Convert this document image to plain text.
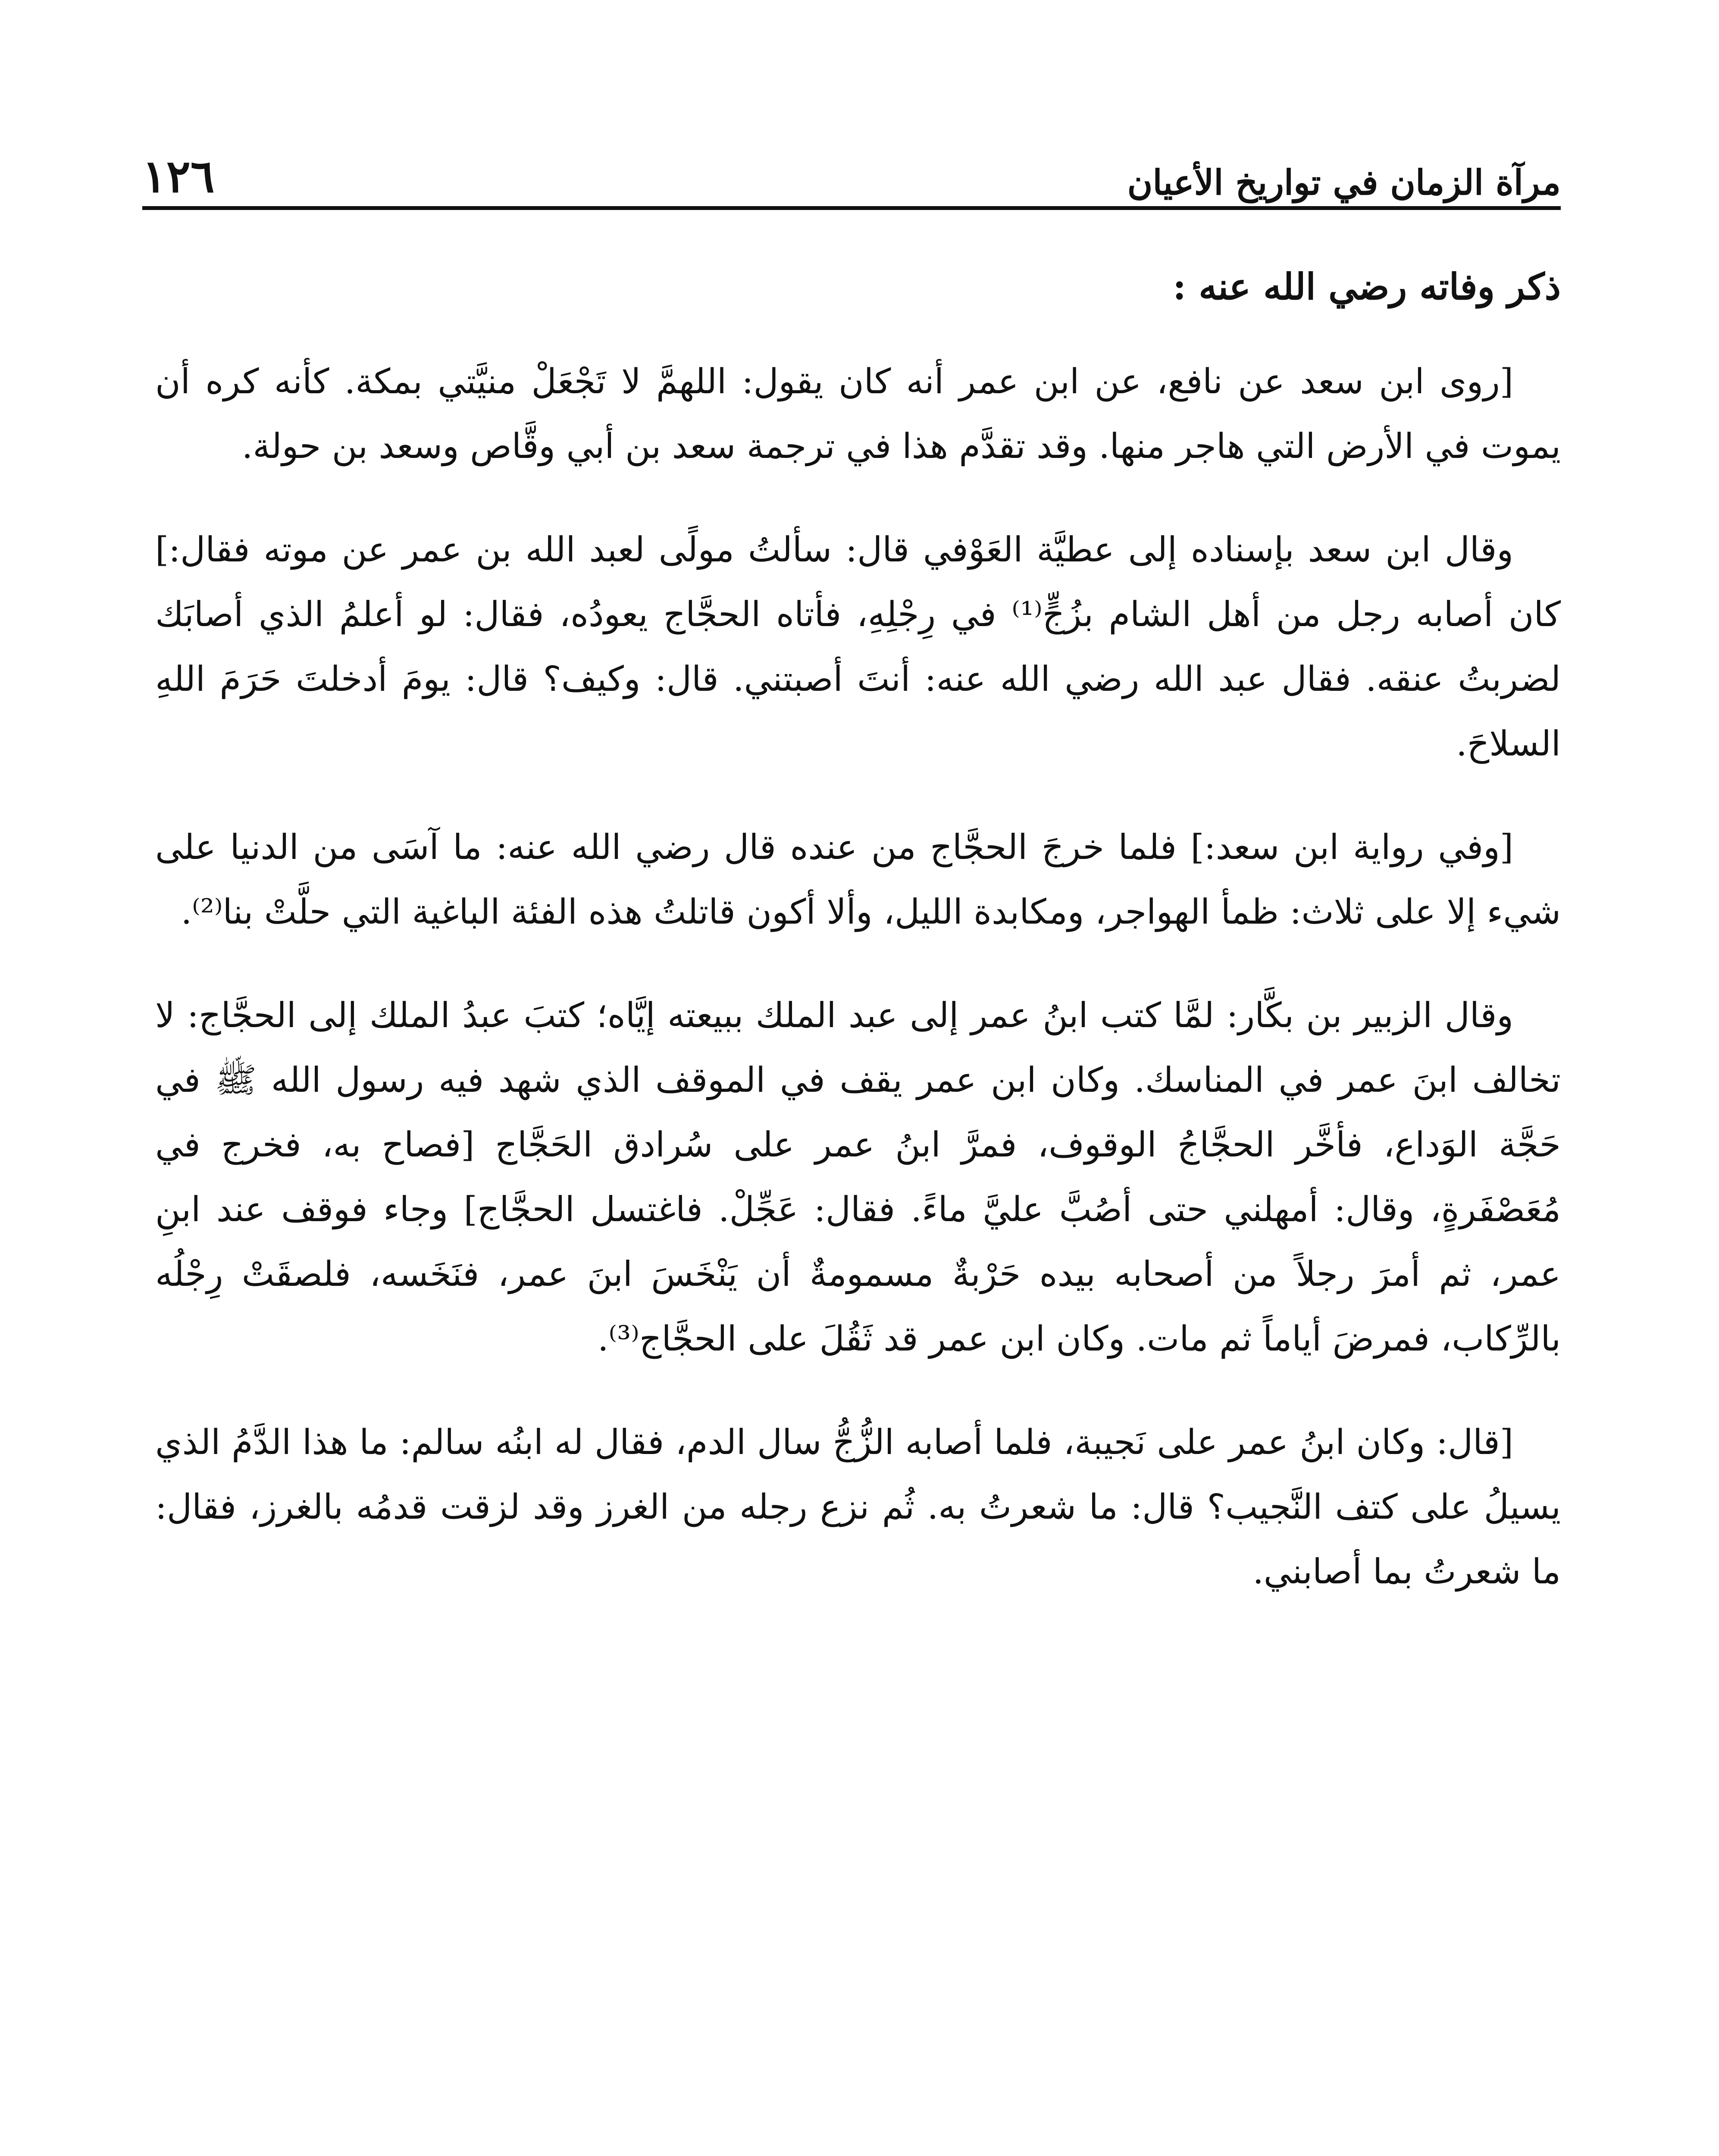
١٢٦	مرآة الزمان في تواريخ الأعيان
ذكر وفاته رضي الله عنه :

[روى ابن سعد عن نافع، عن ابن عمر أنه كان يقول: اللهمَّ لا تَجْعَلْ منيَّتي بمكة. كأنه كره أن يموت في الأرض التي هاجر منها. وقد تقدَّم هذا في ترجمة سعد بن أبي وقَّاص وسعد بن حولة.

وقال ابن سعد بإسناده إلى عطيَّة العَوْفي قال: سألتُ مولًى لعبد الله بن عمر عن موته فقال:] كان أصابه رجل من أهل الشام بزُجٍّ⁽¹⁾ في رِجْلِهِ، فأتاه الحجَّاج يعودُه، فقال: لو أعلمُ الذي أصابَك لضربتُ عنقه. فقال عبد الله رضي الله عنه: أنتَ أصبتني. قال: وكيف؟ قال: يومَ أدخلتَ حَرَمَ اللهِ السلاحَ.

[وفي رواية ابن سعد:] فلما خرجَ الحجَّاج من عنده قال رضي الله عنه: ما آسَى من الدنيا على شيء إلا على ثلاث: ظمأ الهواجر، ومكابدة الليل، وألا أكون قاتلتُ هذه الفئة الباغية التي حلَّتْ بنا⁽²⁾.

وقال الزبير بن بكَّار: لمَّا كتب ابنُ عمر إلى عبد الملك ببيعته إيَّاه؛ كتبَ عبدُ الملك إلى الحجَّاج: لا تخالف ابنَ عمر في المناسك. وكان ابن عمر يقف في الموقف الذي شهد فيه رسول الله ﷺ في حَجَّة الوَداع، فأخَّر الحجَّاجُ الوقوف، فمرَّ ابنُ عمر على سُرادق الحَجَّاج [فصاح به، فخرج في مُعَصْفَرةٍ، وقال: أمهلني حتى أصُبَّ عليَّ ماءً. فقال: عَجِّلْ. فاغتسل الحجَّاج] وجاء فوقف عند ابنِ عمر، ثم أمرَ رجلاً من أصحابه بيده حَرْبةٌ مسمومةٌ أن يَنْخَسَ ابنَ عمر، فنَخَسه، فلصقَتْ رِجْلُه بالرِّكاب، فمرضَ أياماً ثم مات. وكان ابن عمر قد ثَقُلَ على الحجَّاج⁽³⁾.

[قال: وكان ابنُ عمر على نَجيبة، فلما أصابه الزُّجُّ سال الدم، فقال له ابنُه سالم: ما هذا الدَّمُ الذي يسيلُ على كتف النَّجيب؟ قال: ما شعرتُ به. ثُم نزع رجله من الغرز وقد لزقت قدمُه بالغرز، فقال: ما شعرتُ بما أصابني.
